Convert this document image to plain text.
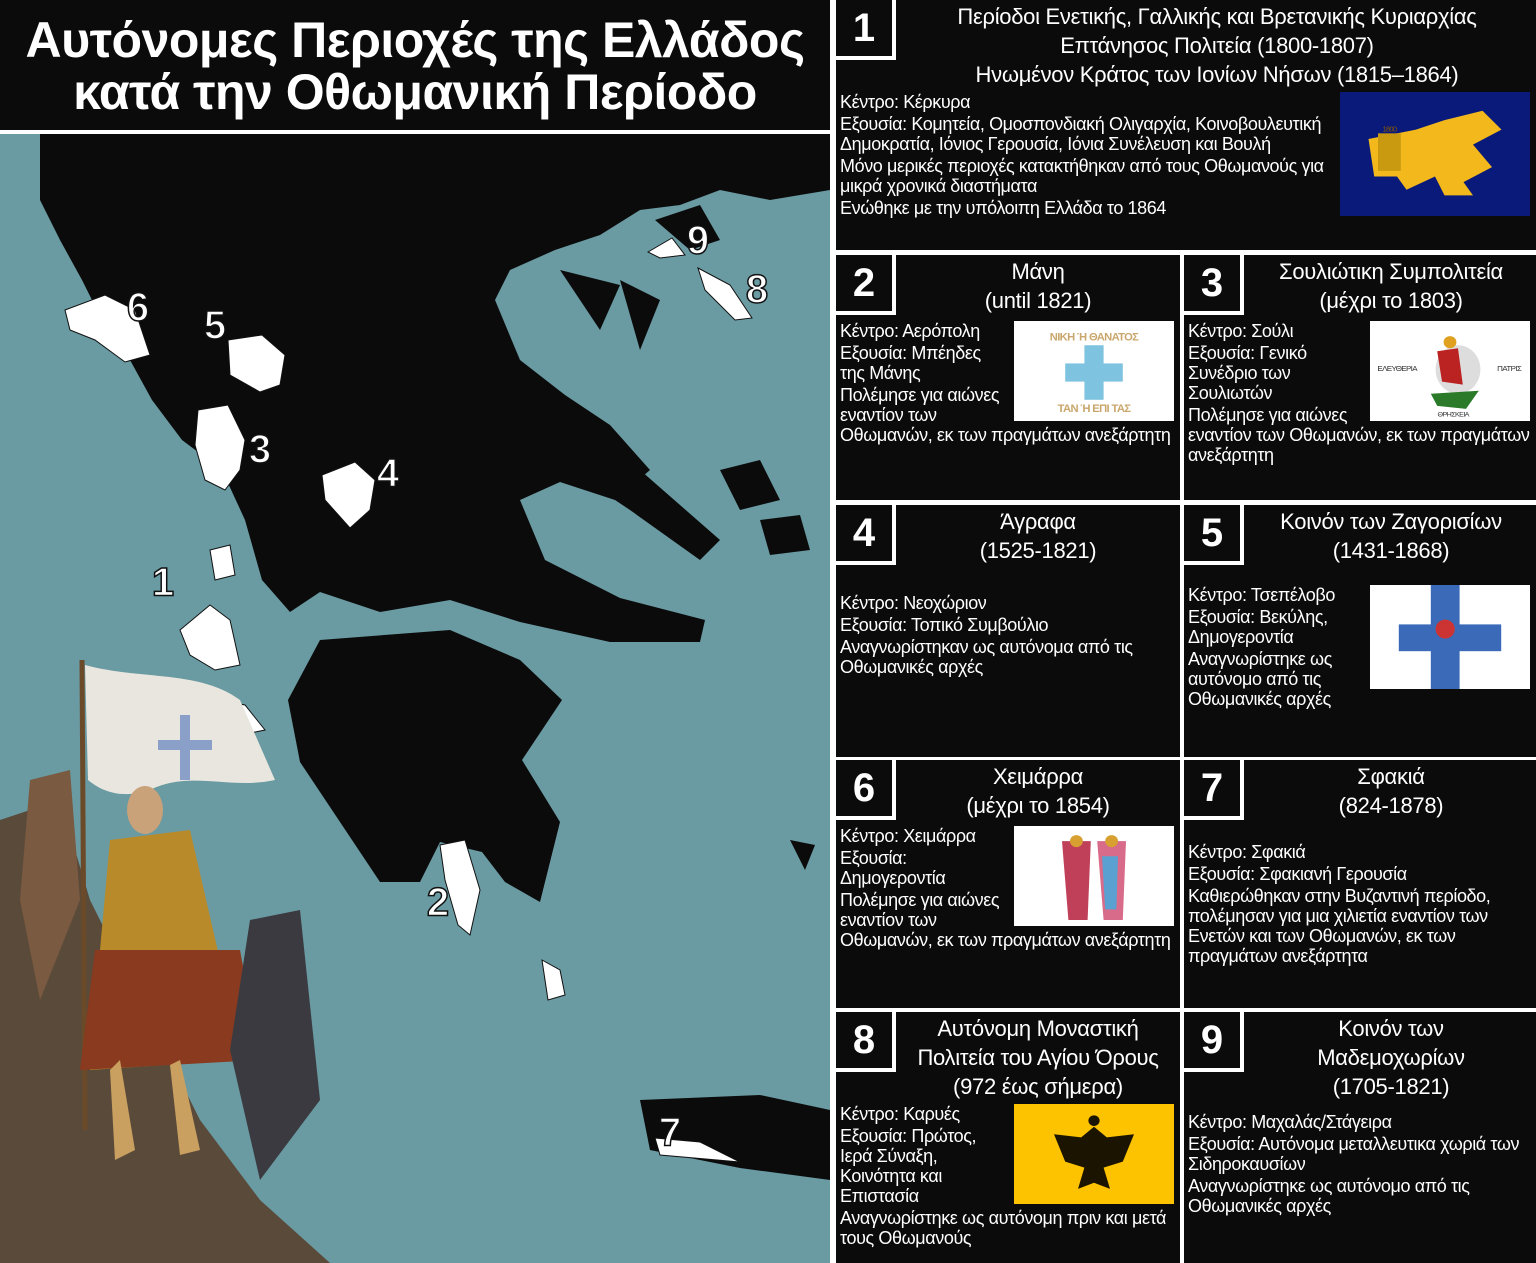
Αυτόνομες Περιοχές της Ελλάδος
κατά την Οθωμανική Περίοδο
1
2
3
4
5
6
7
8
9
1	Περίοδοι Ενετικής, Γαλλικής και Βρετανικής Κυριαρχίας
Επτάνησος Πολιτεία (1800-1807)
Ηνωμένον Κράτος των Ιονίων Νήσων (1815–1864)
1800

Κέντρο: Κέρκυρα

Εξουσία: Κομητεία, Ομοσπονδιακή Ολιγαρχία, Κοινοβουλευτική Δημοκρατία, Ιόνιος Γερουσία, Ιόνια Συνέλευση και Βουλή

Μόνο μερικές περιοχές κατακτήθηκαν από τους Οθωμανούς για μικρά χρονικά διαστήματα

Ενώθηκε με την υπόλοιπη Ελλάδα το 1864

2	Μάνη
(until 1821)
ΝΙΚΗ Ή ΘΑΝΑΤΟΣ
ΤΑΝ Ή ΕΠΙ ΤΑΣ

Κέντρο: Αερόπολη

Εξουσία: Μπέηδες της Μάνης

Πολέμησε για αιώνες εναντίον των Οθωμανών, εκ των πραγμάτων ανεξάρτητη

3	Σουλιώτικη Συμπολιτεία
(μέχρι το 1803)
ΕΛΕΥΘΕΡΙΑ	ΠΑΤΡΙΣ
ΘΡΗΣΚΕΙΑ

Κέντρο: Σούλι

Εξουσία: Γενικό Συνέδριο των Σουλιωτών

Πολέμησε για αιώνες εναντίον των Οθωμανών, εκ των πραγμάτων ανεξάρτητη

4	Άγραφα
(1525-1821)

Κέντρο: Νεοχώριον

Εξουσία: Τοπικό Συμβούλιο

Αναγνωρίστηκαν ως αυτόνομα από τις Οθωμανικές αρχές

5	Κοινόν των Ζαγορισίων
(1431-1868)

Κέντρο: Τσεπέλοβο

Εξουσία: Βεκύλης, Δημογεροντία

Αναγνωρίστηκε ως αυτόνομο από τις Οθωμανικές αρχές

6	Χειμάρρα
(μέχρι το 1854)

Κέντρο: Χειμάρρα

Εξουσία: Δημογεροντία

Πολέμησε για αιώνες εναντίον των Οθωμανών, εκ των πραγμάτων ανεξάρτητη

7	Σφακιά
(824-1878)

Κέντρο: Σφακιά

Εξουσία: Σφακιανή Γερουσία

Καθιερώθηκαν στην Βυζαντινή περίοδο, πολέμησαν για μια χιλιετία εναντίον των Ενετών και των Οθωμανών, εκ των πραγμάτων ανεξάρτητα

8	Αυτόνομη Μοναστική
Πολιτεία του Αγίου Όρους
(972 έως σήμερα)

Κέντρο: Καρυές

Εξουσία: Πρώτος, Ιερά Σύναξη, Κοινότητα και Επιστασία

Αναγνωρίστηκε ως αυτόνομη πριν και μετά τους Οθωμανούς

9	Κοινόν των
Μαδεμοχωρίων
(1705-1821)

Κέντρο: Μαχαλάς/Στάγειρα

Εξουσία: Αυτόνομα μεταλλευτικα χωριά των Σιδηροκαυσίων

Αναγνωρίστηκε ως αυτόνομο από τις Οθωμανικές αρχές
